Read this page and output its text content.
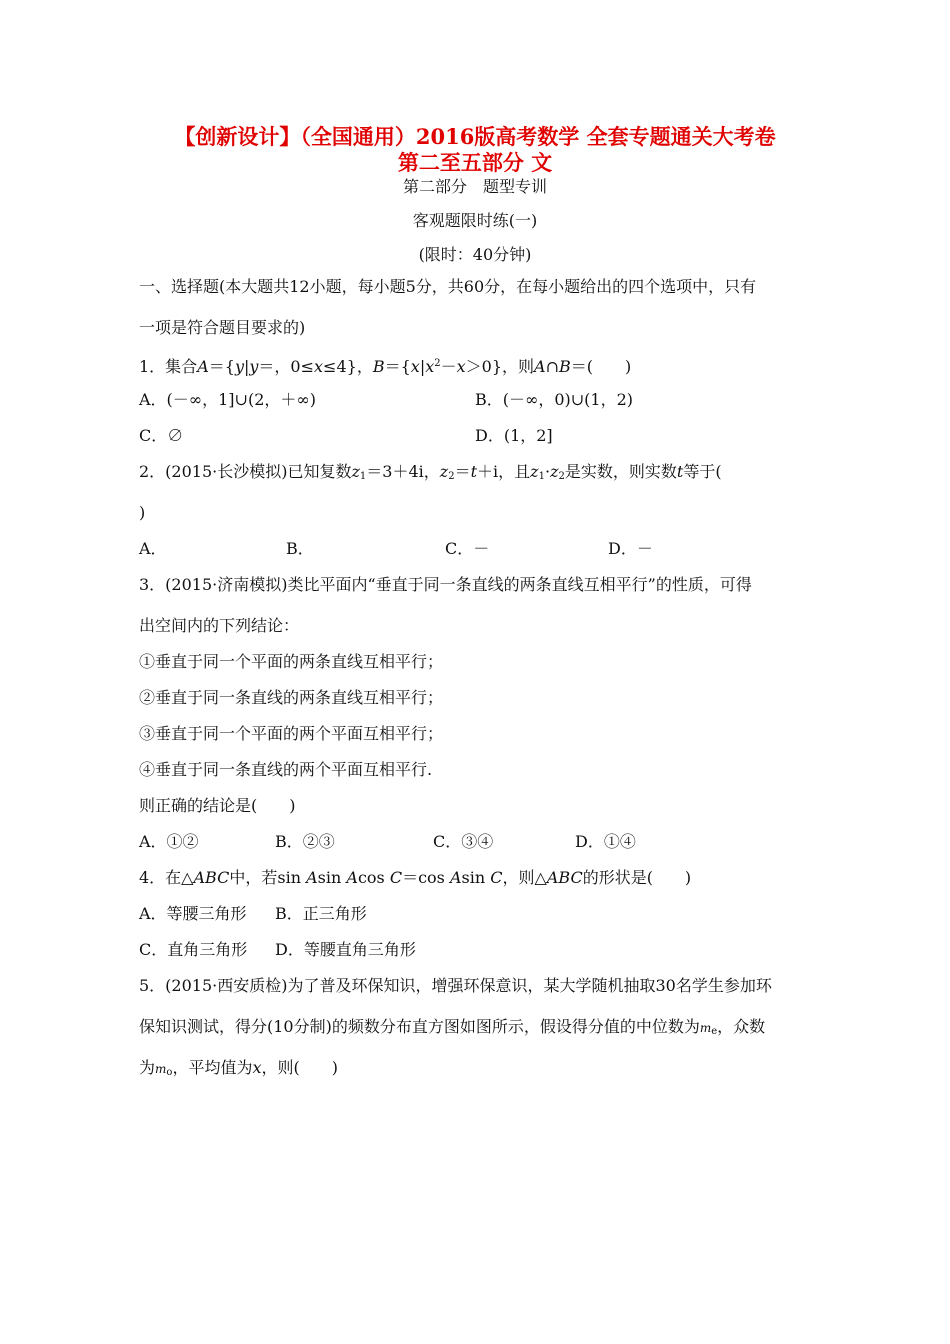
【创新设计】（全国通用）2016版高考数学 全套专题通关大考卷
第二至五部分 文
第二部分　题型专训
客观题限时练(一)
(限时：40分钟)
一、选择题(本大题共12小题，每小题5分，共60分，在每小题给出的四个选项中，只有
一项是符合题目要求的)
1．集合A＝{y|y＝，0≤x≤4}，$B=\{x|x^2-x>0\}$，则A∩B＝(　　)
A．(－∞，1]∪(2，＋∞)	B．(－∞，0)∪(1，2)
C．∅	D．(1，2]
2．(2015·长沙模拟)已知复数$z_1=3+4i$，$z_2=t+i$，且$z_1\cdot z_2$是实数，则实数t等于(
)
A．	B．	C．－	D．－
3．(2015·济南模拟)类比平面内“垂直于同一条直线的两条直线互相平行”的性质，可得
出空间内的下列结论：
①垂直于同一个平面的两条直线互相平行；
②垂直于同一条直线的两条直线互相平行；
③垂直于同一个平面的两个平面互相平行；
④垂直于同一条直线的两个平面互相平行.
则正确的结论是(　　)
A．①②	B．②③	C．③④	D．①④
4．在△ABC中，若sin Asin Acos C＝cos Asin C，则△ABC的形状是(　　)
A．等腰三角形 B．正三角形
C．直角三角形 D．等腰直角三角形
5．(2015·西安质检)为了普及环保知识，增强环保意识，某大学随机抽取30名学生参加环
保知识测试，得分(10分制)的频数分布直方图如图所示，假设得分值的中位数为$m_e$，众数
为$m_o$，平均值为x，则(　　)
